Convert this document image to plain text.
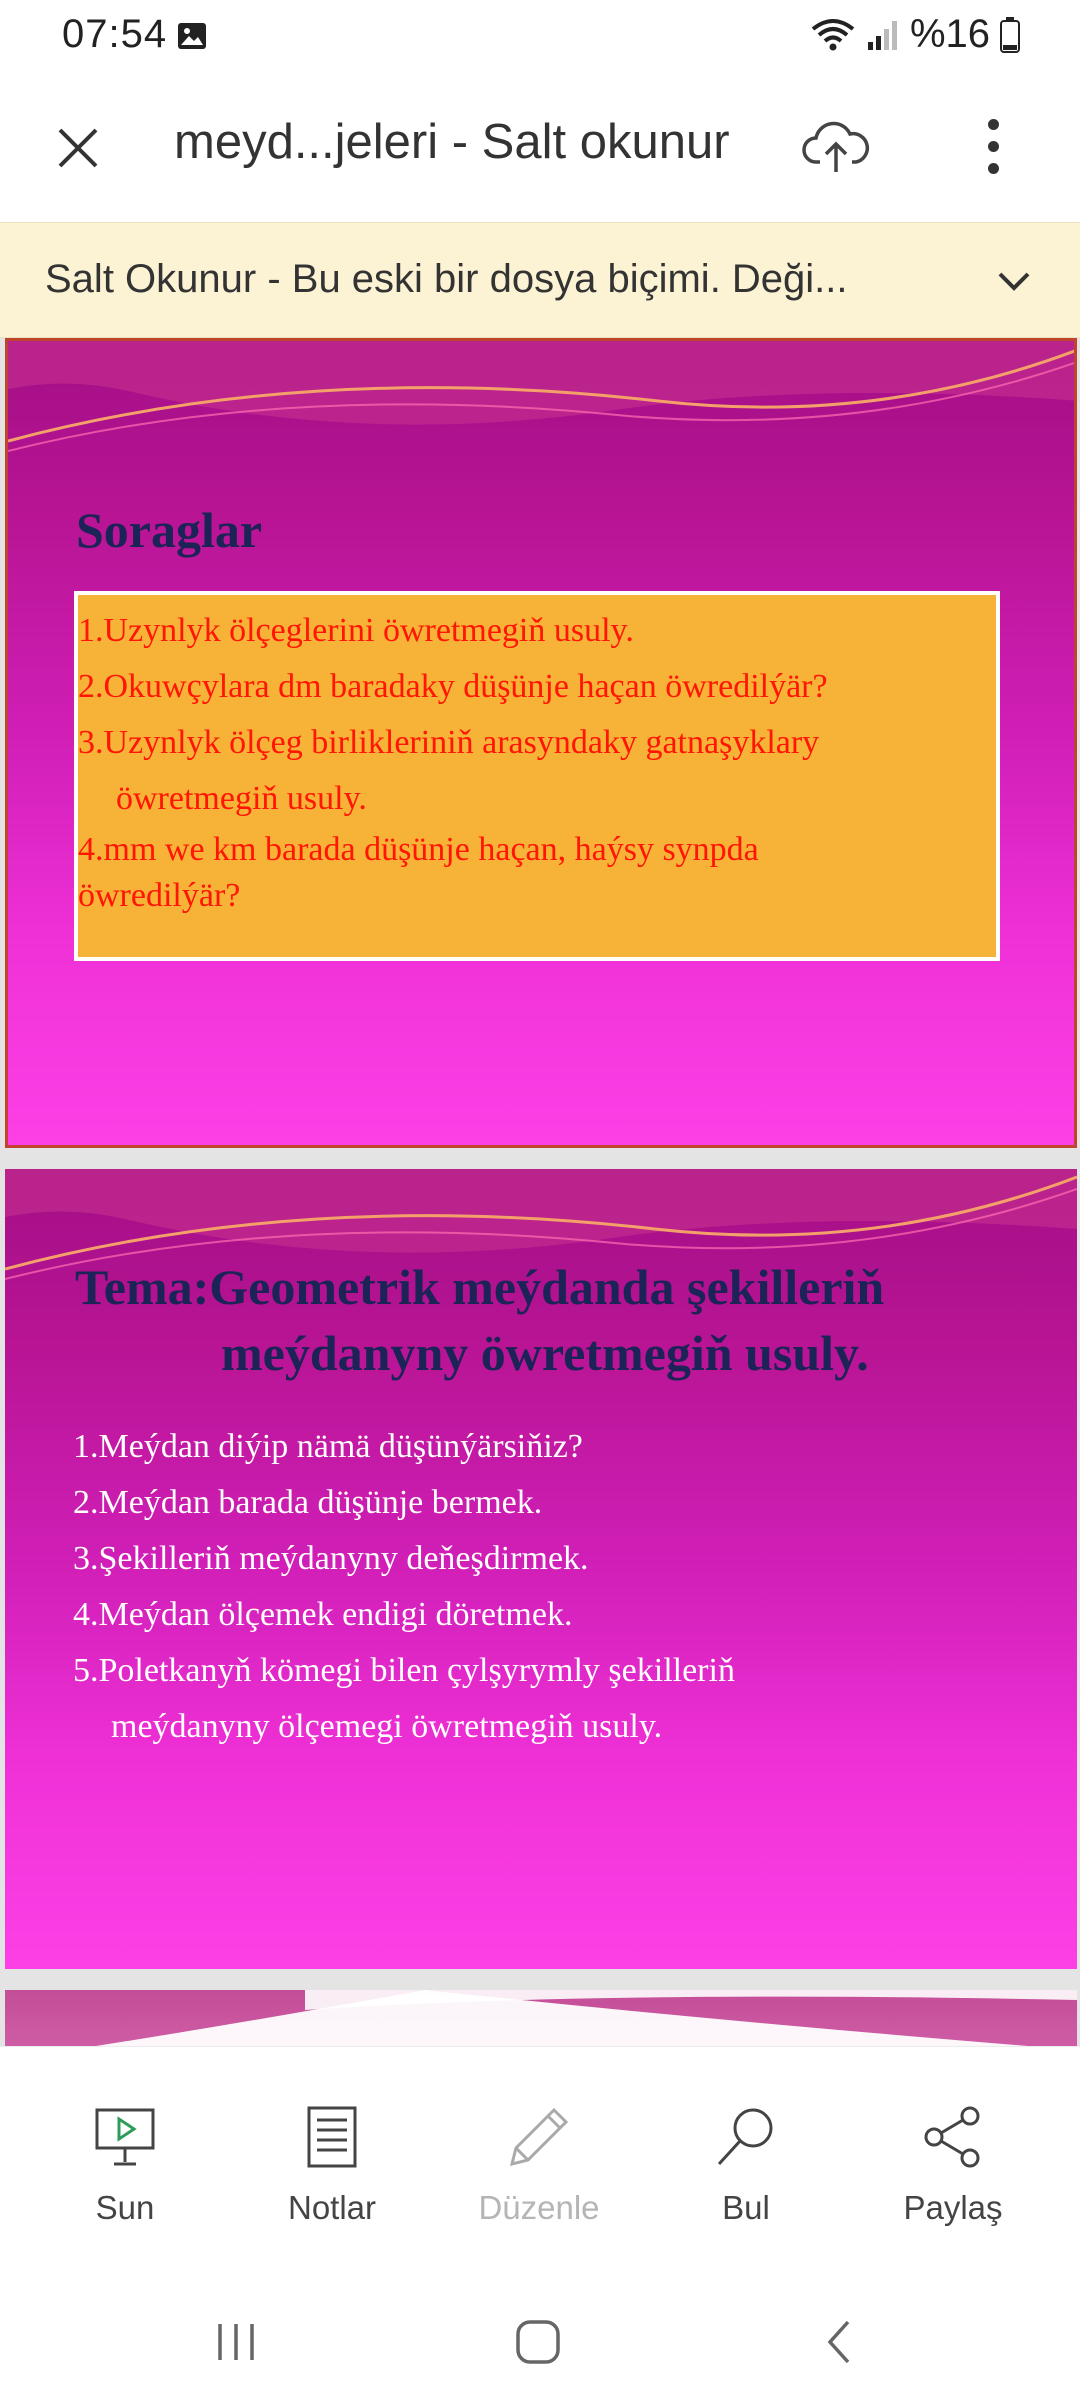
07:54	%16
meyd...jeleri - Salt okunur
Salt Okunur - Bu eski bir dosya biçimi. Deği...
Soraglar
1.Uzynlyk ölçeglerini öwretmegiň usuly.
2.Okuwçylara dm baradaky düşünje haçan öwredilýär?
3.Uzynlyk ölçeg birlikleriniň arasyndaky gatnaşyklary
öwretmegiň usuly.
4.mm we km barada düşünje haçan, haýsy synpda
öwredilýär?
Tema:Geometrik meýdanda şekilleriň
meýdanyny öwretmegiň usuly.
1.Meýdan diýip nämä düşünýärsiňiz?
2.Meýdan barada düşünje bermek.
3.Şekilleriň meýdanyny deňeşdirmek.
4.Meýdan ölçemek endigi döretmek.
5.Poletkanyň kömegi bilen çylşyrymly şekilleriň
meýdanyny ölçemegi öwretmegiň usuly.
Sun	Notlar	Düzenle	Bul	Paylaş
